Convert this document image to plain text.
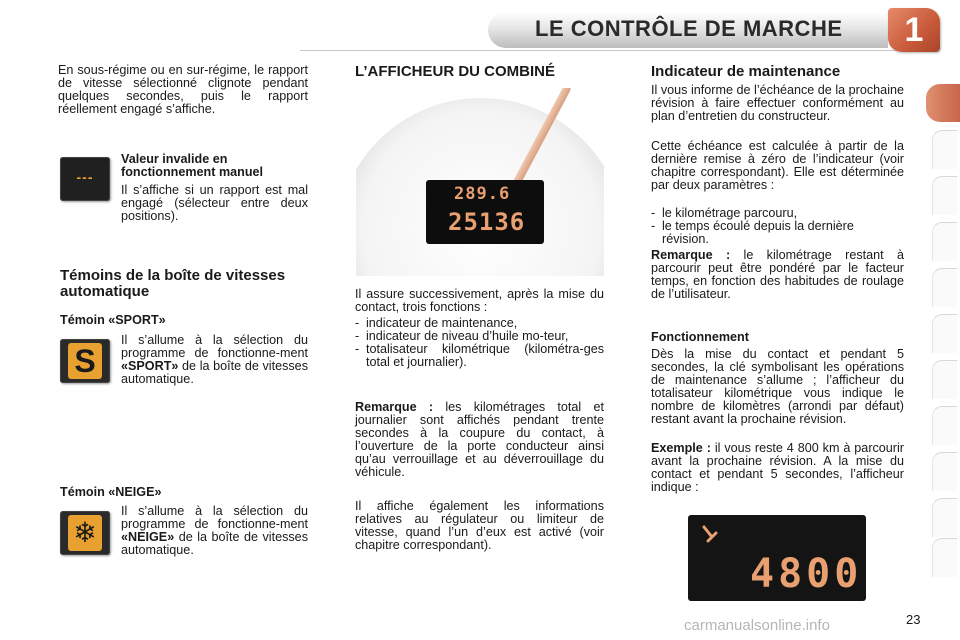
LE CONTRÔLE DE MARCHE	1

En sous-régime ou en sur-régime, le rapport de vitesse sélectionné clignote pendant quelques secondes, puis le rapport réellement engagé s’affiche.

---
Valeur invalide en fonctionnement manuel

Il s’affiche si un rapport est mal engagé (sélecteur entre deux positions).

Témoins de la boîte de vitesses automatique
Témoin «SPORT»
S

Il s’allume à la sélection du programme de fonctionne-ment «SPORT» de la boîte de vitesses automatique.

Témoin «NEIGE»
❄

Il s’allume à la sélection du programme de fonctionne-ment «NEIGE» de la boîte de vitesses automatique.

L’AFFICHEUR DU COMBINÉ
289.6
25136

Il assure successivement, après la mise du contact, trois fonctions :

- indicateur de maintenance,
- indicateur de niveau d’huile mo-teur,
- totalisateur kilométrique (kilométra-ges total et journalier).

Remarque : les kilométrages total et journalier sont affichés pendant trente secondes à la coupure du contact, à l’ouverture de la porte conducteur ainsi qu’au verrouillage et au déverrouillage du véhicule.

Il affiche également les informations relatives au régulateur ou limiteur de vitesse, quand l’un d’eux est activé (voir chapitre correspondant).

Indicateur de maintenance

Il vous informe de l’échéance de la prochaine révision à faire effectuer conformément au plan d’entretien du constructeur.

Cette échéance est calculée à partir de la dernière remise à zéro de l’indicateur (voir chapitre correspondant). Elle est déterminée par deux paramètres :

- le kilométrage parcouru,
- le temps écoulé depuis la dernière révision.

Remarque : le kilométrage restant à parcourir peut être pondéré par le facteur temps, en fonction des habitudes de roulage de l’utilisateur.

Fonctionnement

Dès la mise du contact et pendant 5 secondes, la clé symbolisant les opérations de maintenance s’allume ; l’afficheur du totalisateur kilométrique vous indique le nombre de kilomètres (arrondi par défaut) restant avant la prochaine révision.

Exemple : il vous reste 4 800 km à parcourir avant la prochaine révision. A la mise du contact et pendant 5 secondes, l’afficheur indique :

4800
carmanualsonline.info	23
